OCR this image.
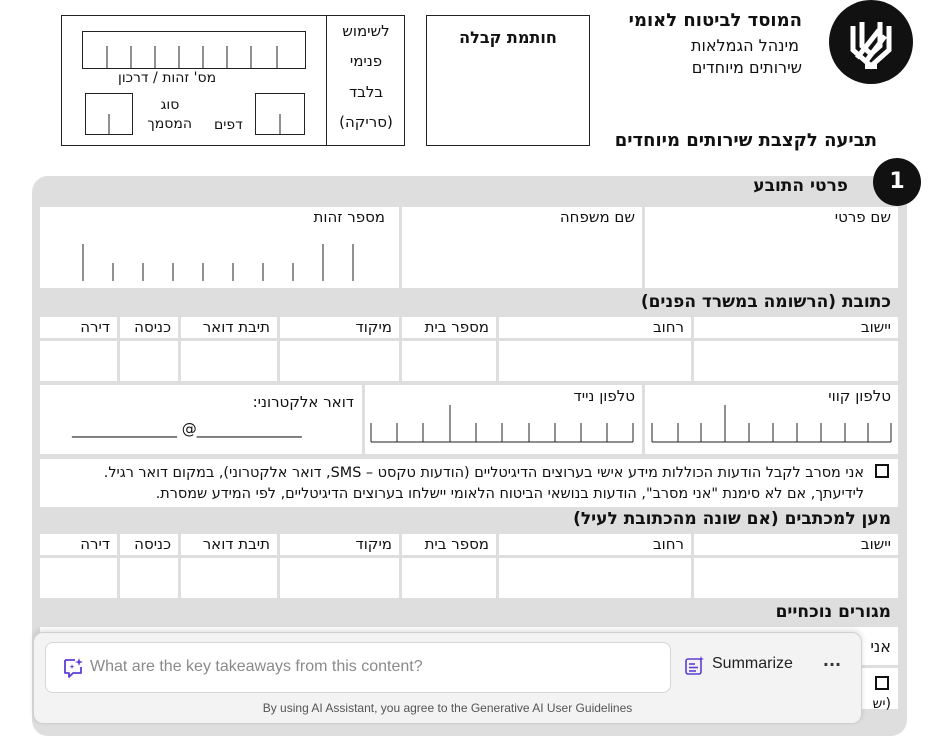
המוסד לביטוח לאומי
מינהל הגמלאות
שירותים מיוחדים
תביעה לקצבת שירותים מיוחדים
חותמת קבלה
לשימוש
פנימי
בלבד
(סריקה)
מס' זהות / דרכון
דפים
סוג המסמך
1
פרטי התובע
שם פרטי
שם משפחה
מספר זהות
כתובת (הרשומה במשרד הפנים)
יישוב
רחוב
מספר בית
מיקוד
תיבת דואר
כניסה
דירה
טלפון קווי
טלפון נייד
דואר אלקטרוני:
______________ @______________
אני מסרב לקבל הודעות הכוללות מידע אישי בערוצים הדיגיטליים (הודעות טקסט – SMS, דואר אלקטרוני), במקום דואר רגיל.
לידיעתך, אם לא סימנת "אני מסרב", הודעות בנושאי הביטוח הלאומי יישלחו בערוצים הדיגיטליים, לפי המידע שמסרת.
מען למכתבים (אם שונה מהכתובת לעיל)
יישוב
רחוב
מספר בית
מיקוד
תיבת דואר
כניסה
דירה
מגורים נוכחיים
אני
(יש
What are the key takeaways from this content?	Summarize	···
By using AI Assistant, you agree to the Generative AI User Guidelines
